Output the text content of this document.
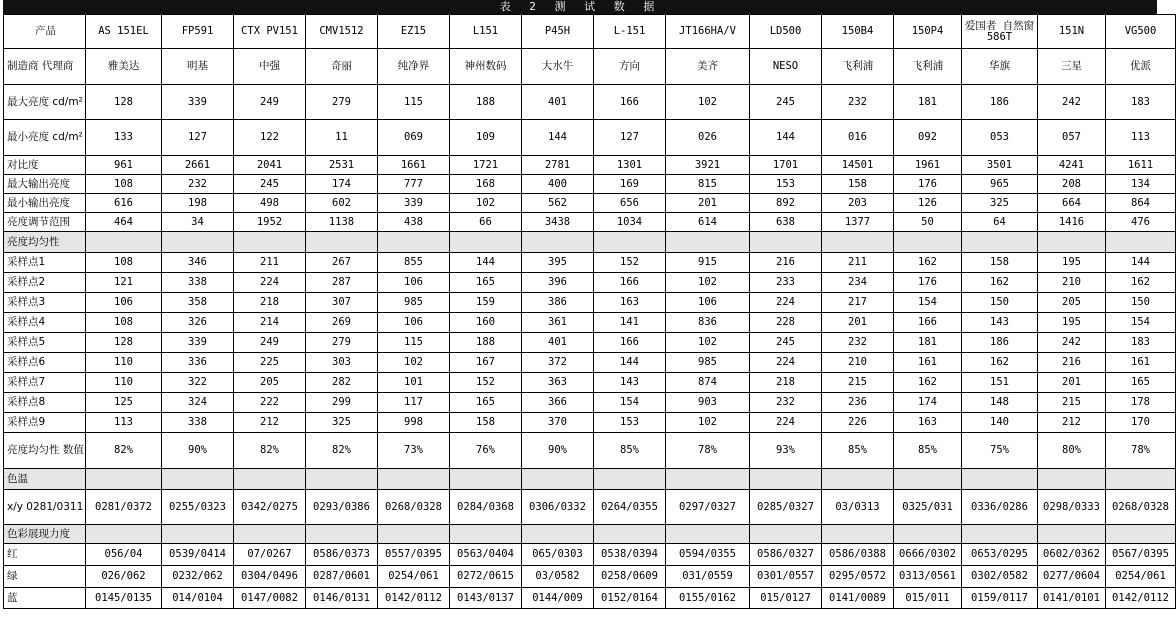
表 2 测 试 数 据
产品	AS 151EL	FP591	CTX PV151	CMV1512	EZ15	L151	P45H	L-151	JT166HA/V	LD500	150B4	150P4	爱国者 自然窗586T	151N	VG500
制造商 代理商	雅美达	明基	中强	奇丽	纯净界	神州数码	大水牛	方向	美齐	NESO	飞利浦	飞利浦	华旗	三星	优派
最大亮度 cd/m²	128	339	249	279	115	188	401	166	102	245	232	181	186	242	183
最小亮度 cd/m²	133	127	122	11	069	109	144	127	026	144	016	092	053	057	113
对比度	961	2661	2041	2531	1661	1721	2781	1301	3921	1701	14501	1961	3501	4241	1611
最大输出亮度	108	232	245	174	777	168	400	169	815	153	158	176	965	208	134
最小输出亮度	616	198	498	602	339	102	562	656	201	892	203	126	325	664	864
亮度调节范围	464	34	1952	1138	438	66	3438	1034	614	638	1377	50	64	1416	476
亮度均匀性															
采样点1	108	346	211	267	855	144	395	152	915	216	211	162	158	195	144
采样点2	121	338	224	287	106	165	396	166	102	233	234	176	162	210	162
采样点3	106	358	218	307	985	159	386	163	106	224	217	154	150	205	150
采样点4	108	326	214	269	106	160	361	141	836	228	201	166	143	195	154
采样点5	128	339	249	279	115	188	401	166	102	245	232	181	186	242	183
采样点6	110	336	225	303	102	167	372	144	985	224	210	161	162	216	161
采样点7	110	322	205	282	101	152	363	143	874	218	215	162	151	201	165
采样点8	125	324	222	299	117	165	366	154	903	232	236	174	148	215	178
采样点9	113	338	212	325	998	158	370	153	102	224	226	163	140	212	170
亮度均匀性 数值	82%	90%	82%	82%	73%	76%	90%	85%	78%	93%	85%	85%	75%	80%	78%
色温															
x/y 0281/0311	0281/0372	0255/0323	0342/0275	0293/0386	0268/0328	0284/0368	0306/0332	0264/0355	0297/0327	0285/0327	03/0313	0325/031	0336/0286	0298/0333	0268/0328
色彩展现力度															
红	056/04	0539/0414	07/0267	0586/0373	0557/0395	0563/0404	065/0303	0538/0394	0594/0355	0586/0327	0586/0388	0666/0302	0653/0295	0602/0362	0567/0395
绿	026/062	0232/062	0304/0496	0287/0601	0254/061	0272/0615	03/0582	0258/0609	031/0559	0301/0557	0295/0572	0313/0561	0302/0582	0277/0604	0254/061
蓝	0145/0135	014/0104	0147/0082	0146/0131	0142/0112	0143/0137	0144/009	0152/0164	0155/0162	015/0127	0141/0089	015/011	0159/0117	0141/0101	0142/0112
